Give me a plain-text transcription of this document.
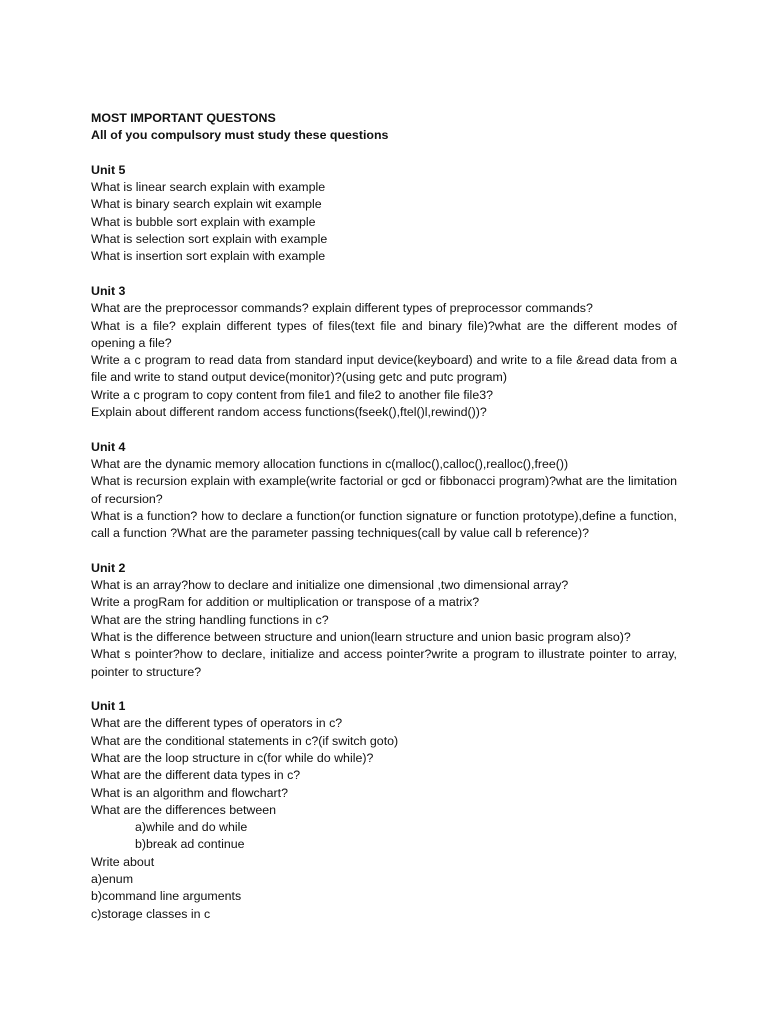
MOST IMPORTANT QUESTONS
All of you compulsory must study these questions
Unit 5
What is linear search explain with example
What is binary search explain wit example
What is bubble sort explain with example
What is selection sort explain with example
What is insertion sort explain with example
Unit 3
What are the preprocessor commands? explain different types of preprocessor commands?
What is a file? explain different types of files(text file and binary file)?what are the different modes of opening a file?
Write a c program to read data from standard input device(keyboard) and write to a file &read data from a file and write to stand output device(monitor)?(using getc and putc program)
Write a c program to copy content from file1 and file2 to another file file3?
Explain about different random access functions(fseek(),ftel()l,rewind())?
Unit 4
What are the dynamic memory allocation functions in c(malloc(),calloc(),realloc(),free())
What is recursion explain with example(write factorial or gcd or fibbonacci program)?what are the limitation of recursion?
What is a function? how to declare a function(or function signature or function prototype),define a function, call a function ?What are the parameter passing techniques(call by value call b reference)?
Unit 2
What is an array?how to declare and initialize one dimensional ,two dimensional array?
Write a progRam for addition or multiplication or transpose of a matrix?
What are the string handling functions in c?
What is the difference between structure and union(learn structure and union basic program also)?
What s pointer?how to declare, initialize and access pointer?write a program to illustrate pointer to array, pointer to structure?
Unit 1
What are the different types of operators in c?
What are the conditional statements in c?(if switch goto)
What are the loop structure in c(for while do while)?
What are the different data types in c?
What is an algorithm and flowchart?
What are the differences between
a)while and do while
b)break ad continue
Write about
a)enum
b)command line arguments
c)storage classes in c
